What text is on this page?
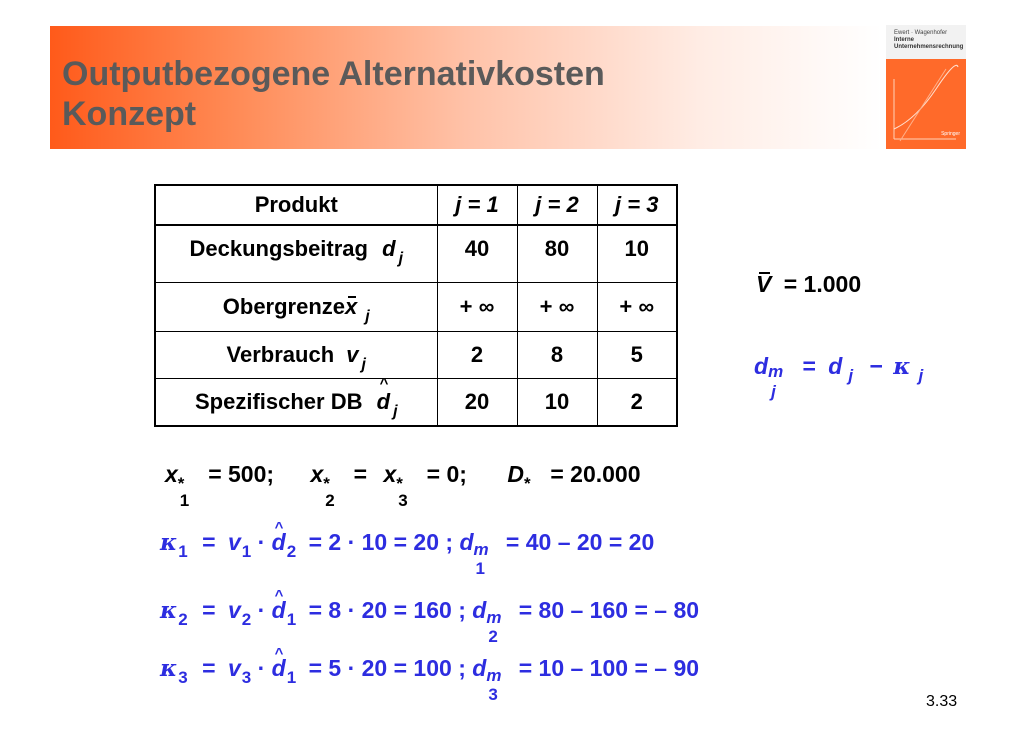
Outputbezogene Alternativkosten
Konzept
Ewert · Wagenhofer
Interne
Unternehmensrechnung
Springer
Produkt	j = 1	j = 2	j = 3
Deckungsbeitrag d $_j$	40	80	10
Obergrenzex $_j$	+ ∞	+ ∞	+ ∞
Verbrauch v $_j$	2	8	5
Spezifischer DB ^ d $_j$	20	10	2
V = 1.000
d m
j
= d $_j$ − κ $_j$
x *
1
= 500; x *
2
= x *
3
= 0; D * = 20.000
$\kappa_1 = v_1$ · ^ $d_2 = 2 \cdot 10 = 20$ ; d m
1
= 40 – 20 = 20
$\kappa_2 = v_2$ · ^ $d_1 = 8 \cdot 20 = 160$ ; d m
2
= 80 – 160 = – 80
$\kappa_3 = v_3$ · ^ $d_1 = 5 \cdot 20 = 100$ ; d m
3
= 10 – 100 = – 90
3.33
